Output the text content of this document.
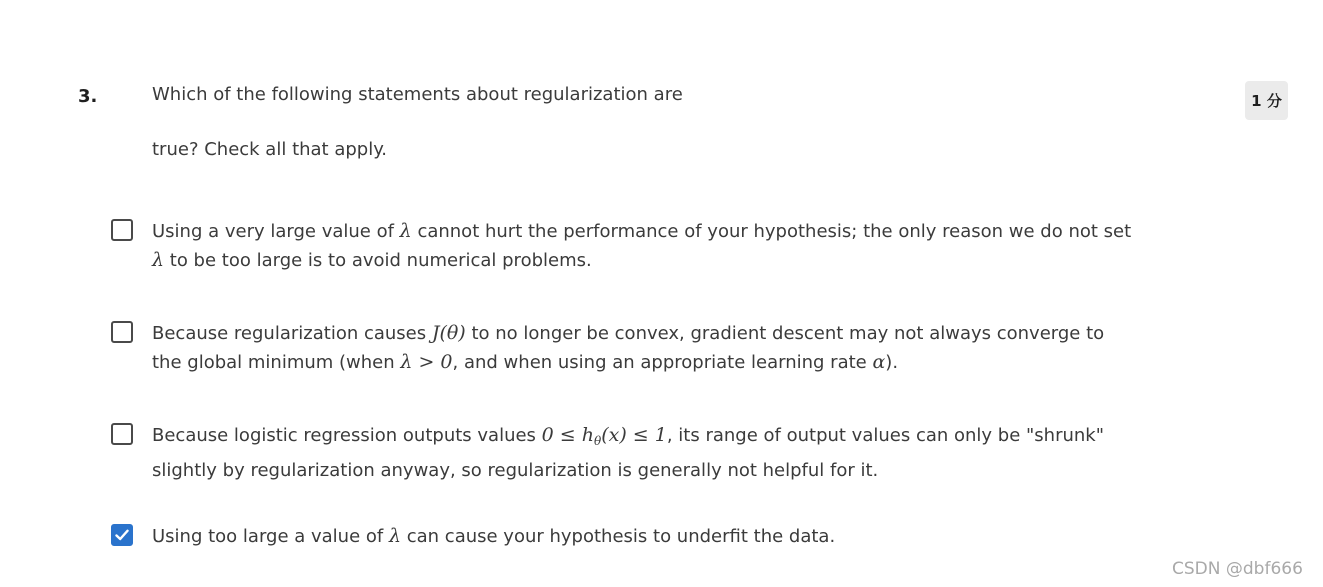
3.	Which of the following statements about regularization are
true? Check all that apply.
1 分
Using a very large value of λ cannot hurt the performance of your hypothesis; the only reason we do not set
λ to be too large is to avoid numerical problems.
Because regularization causes J(θ) to no longer be convex, gradient descent may not always converge to
the global minimum (when λ > 0, and when using an appropriate learning rate α).
Because logistic regression outputs values $0 \le h_\theta(x) \le 1$, its range of output values can only be "shrunk"
slightly by regularization anyway, so regularization is generally not helpful for it.
Using too large a value of λ can cause your hypothesis to underfit the data.
CSDN @dbf666
